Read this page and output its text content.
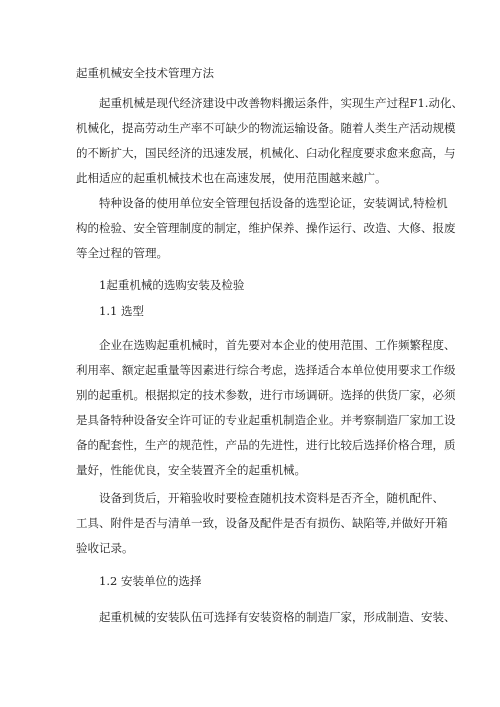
起重机械安全技术管理方法
起重机械是现代经济建设中改善物料搬运条件，实现生产过程F1.动化、
机械化，提高劳动生产率不可缺少的物流运输设备。随着人类生产活动规模
的不断扩大，国民经济的迅速发展，机械化、臼动化程度要求愈来愈高，与
此相适应的起重机械技术也在高速发展，使用范围越来越广。
特种设备的使用单位安全管理包括设备的选型论证，安装调试,特检机
构的检验、安全管理制度的制定，维护保养、操作运行、改造、大修、报废
等全过程的管理。
1起重机械的选购安装及检验
1.1 选型
企业在选购起重机械时，首先要对本企业的使用范围、工作频繁程度、
利用率、额定起重量等因素进行综合考虑，选择适合本单位使用要求工作级
别的起重机。根据拟定的技术参数，进行市场调研。选择的供货厂家，必须
是具备特种设备安全许可证的专业起重机制造企业。并考察制造厂家加工设
备的配套性，生产的规范性，产品的先进性，进行比较后选择价格合理，质
量好，性能优良，安全装置齐全的起重机械。
设备到货后，开箱验收时要检查随机技术资料是否齐全，随机配件、
工具、附件是否与清单一致，设备及配件是否有损伤、缺陷等,并做好开箱
验收记录。
1.2 安装单位的选择
起重机械的安装队伍可选择有安装资格的制造厂家，形成制造、安装、
